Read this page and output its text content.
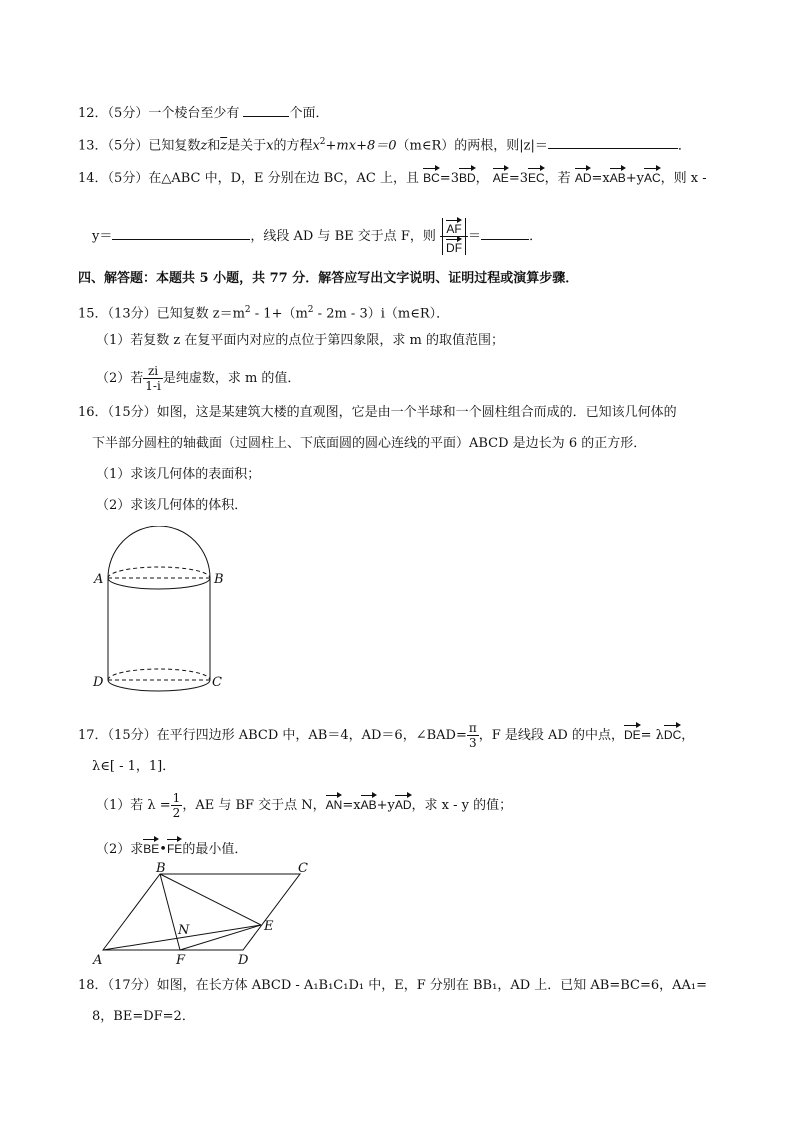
12．（5分）一个棱台至少有	个面．
13．（5分）已知复数z和$\overline{z}$是关于x的方程$x^2+mx+8=0(m\in R)$的两根，则|z|＝	．
14．（5分）在△ABC 中，D，E 分别在边 BC，AC 上，且 BC=3BD， AE=3EC，若 AD=xAB+yAC，则 x -
y＝	，线段 AD 与 BE 交于点 F，则 $\frac{AF}{DF}$ ＝	．
四、解答题：本题共 5 小题，共 77 分．解答应写出文字说明、证明过程或演算步骤．
15．（13分）已知复数 $z=m^2 - 1+(m^2 - 2m$ - 3）i（m∈R）．
（1）若复数 z 在复平面内对应的点位于第四象限，求 m 的取值范围；
（2）若 $\frac{zi}{1-i}$ 是纯虚数，求 m 的值．
16．（15分）如图，这是某建筑大楼的直观图，它是由一个半球和一个圆柱组合而成的．已知该几何体的
下半部分圆柱的轴截面（过圆柱上、下底面圆的圆心连线的平面）ABCD 是边长为 6 的正方形．
（1）求该几何体的表面积；
（2）求该几何体的体积．
A	B
C
D
17．（15分）在平行四边形 ABCD 中，AB＝4，AD＝6，∠BAD= $\frac{\pi}{3}$ ，F 是线段 AD 的中点，DE= λDC，
λ∈[ - 1，1]．
（1）若 $\lambda = \frac{1}{2}$ ，AE 与 BF 交于点 N，AN=xAB+yAD，求 x - y 的值；
（2）求BE•FE的最小值．
A
B	C
D
E
F
N
18．（17分）如图，在长方体 ABCD - A₁B₁C₁D₁ 中，E，F 分别在 BB₁，AD 上．已知 AB=BC=6，AA₁=
8，BE=DF=2．
